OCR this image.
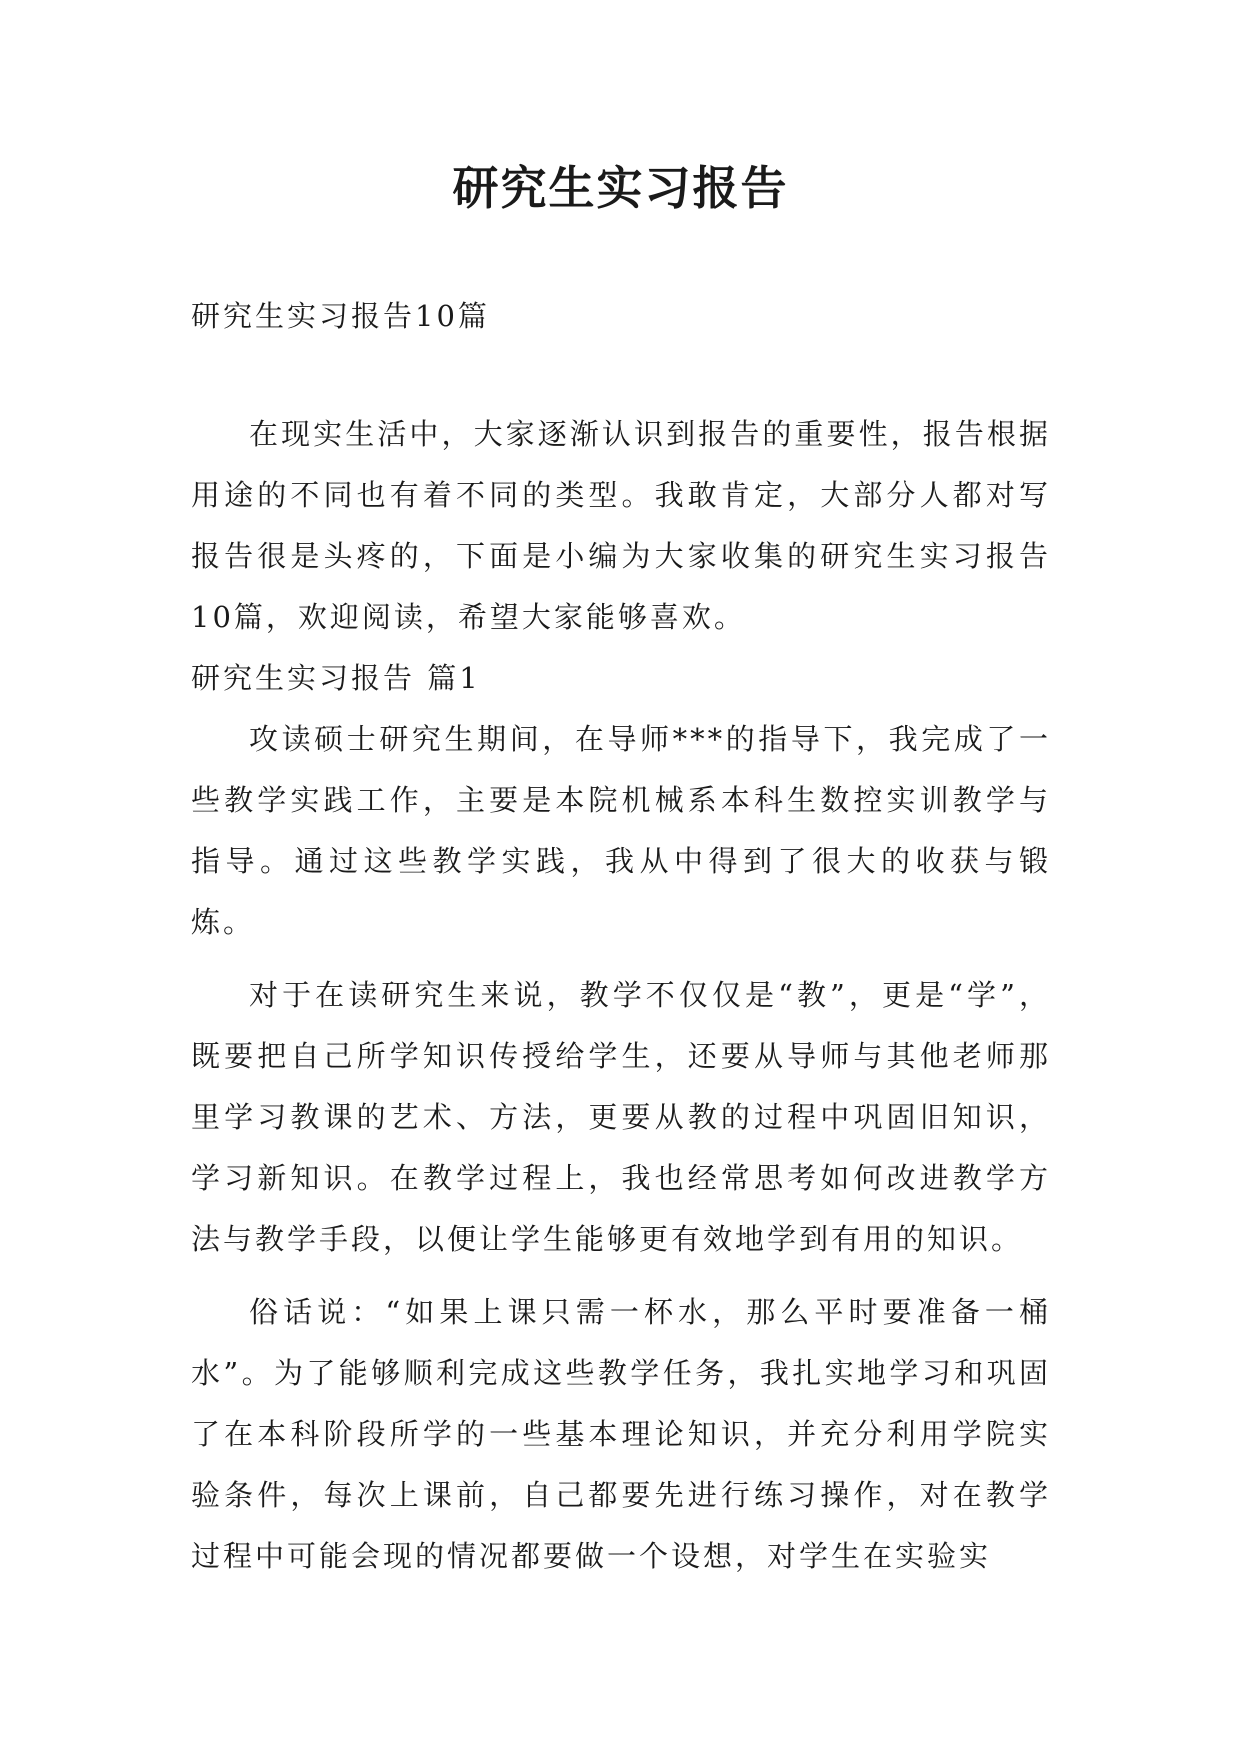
研究生实习报告

研究生实习报告10篇

在现实生活中，大家逐渐认识到报告的重要性，报告根据用途的不同也有着不同的类型。我敢肯定，大部分人都对写报告很是头疼的，下面是小编为大家收集的研究生实习报告10篇，欢迎阅读，希望大家能够喜欢。

研究生实习报告 篇1

攻读硕士研究生期间，在导师***的指导下，我完成了一些教学实践工作，主要是本院机械系本科生数控实训教学与指导。通过这些教学实践，我从中得到了很大的收获与锻炼。

对于在读研究生来说，教学不仅仅是“教”，更是“学”，既要把自己所学知识传授给学生，还要从导师与其他老师那里学习教课的艺术、方法，更要从教的过程中巩固旧知识，学习新知识。在教学过程上，我也经常思考如何改进教学方法与教学手段，以便让学生能够更有效地学到有用的知识。

俗话说：“如果上课只需一杯水，那么平时要准备一桶水”。为了能够顺利完成这些教学任务，我扎实地学习和巩固了在本科阶段所学的一些基本理论知识，并充分利用学院实验条件，每次上课前，自己都要先进行练习操作，对在教学过程中可能会现的情况都要做一个设想，对学生在实验实
